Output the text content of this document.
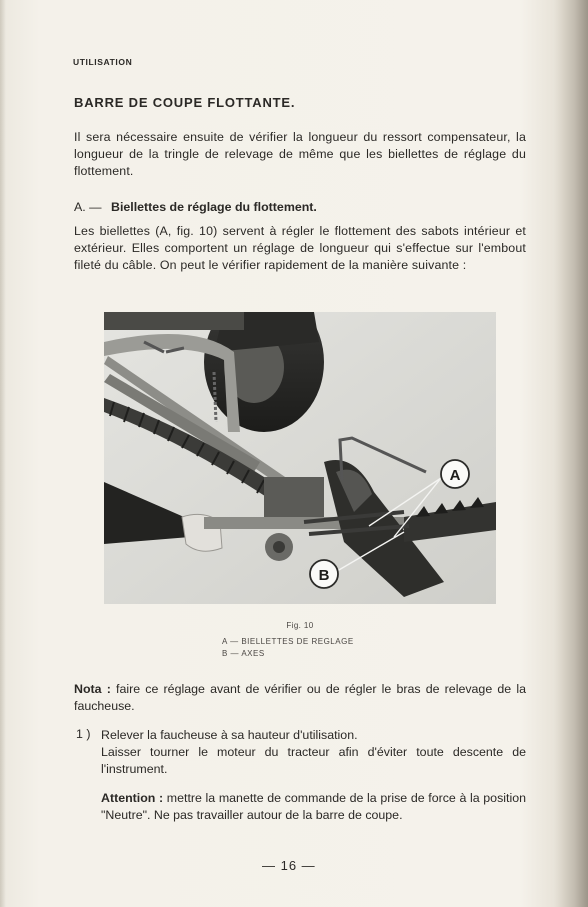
UTILISATION
BARRE DE COUPE FLOTTANTE.
Il sera nécessaire ensuite de vérifier la longueur du ressort compensateur, la longueur de la tringle de relevage de même que les biellettes de réglage du flottement.
A. — Biellettes de réglage du flottement.
Les biellettes (A, fig. 10) servent à régler le flottement des sabots intérieur et extérieur. Elles comportent un réglage de longueur qui s'effectue sur l'embout fileté du câble. On peut le vérifier rapidement de la manière suivante :
A
B
Fig. 10
A — BIELLETTES DE REGLAGE
B — AXES
Nota : faire ce réglage avant de vérifier ou de régler le bras de relevage de la faucheuse.
1 ) Relever la faucheuse à sa hauteur d'utilisation.
Laisser tourner le moteur du tracteur afin d'éviter toute descente de l'instrument.
Attention : mettre la manette de commande de la prise de force à la position "Neutre". Ne pas travailler autour de la barre de coupe.
— 16 —
